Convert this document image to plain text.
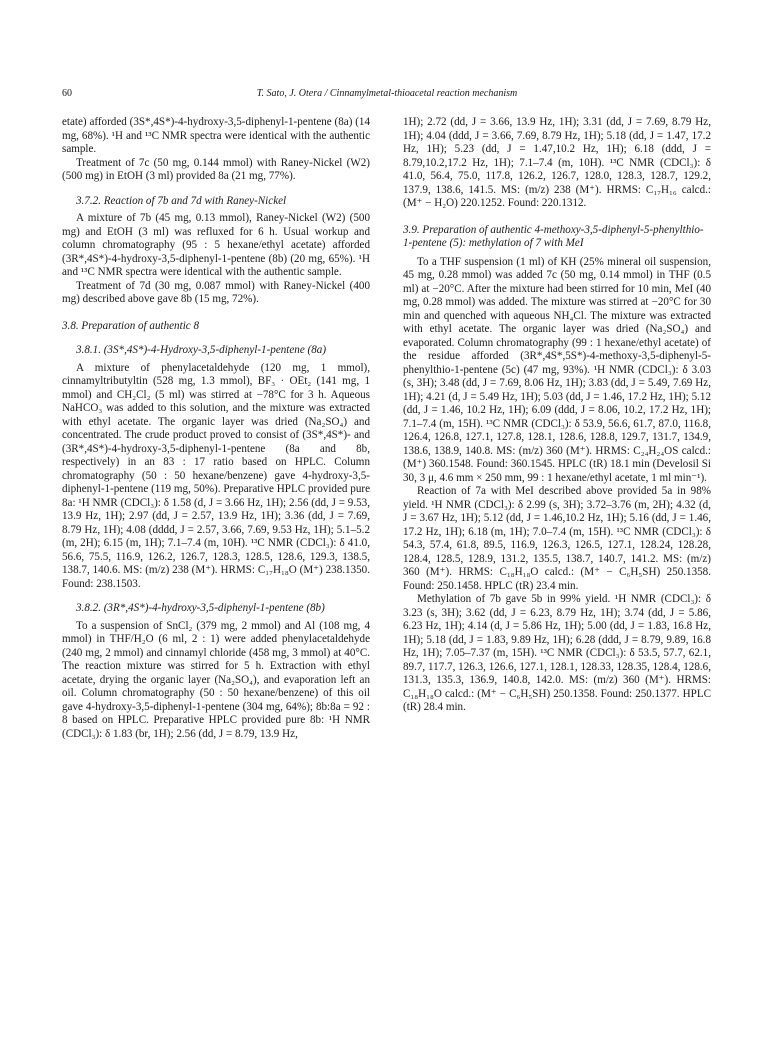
60	T. Sato, J. Otera / Cinnamylmetal-thioacetal reaction mechanism

etate) afforded (3S*,4S*)-4-hydroxy-3,5-diphenyl-1-pentene (8a) (14 mg, 68%). ¹H and ¹³C NMR spectra were identical with the authentic sample.

Treatment of 7c (50 mg, 0.144 mmol) with Raney-Nickel (W2) (500 mg) in EtOH (3 ml) provided 8a (21 mg, 77%).

3.7.2. Reaction of 7b and 7d with Raney-Nickel

A mixture of 7b (45 mg, 0.13 mmol), Raney-Nickel (W2) (500 mg) and EtOH (3 ml) was refluxed for 6 h. Usual workup and column chromatography (95 : 5 hexane/ethyl acetate) afforded (3R*,4S*)-4-hydroxy-3,5-diphenyl-1-pentene (8b) (20 mg, 65%). ¹H and ¹³C NMR spectra were identical with the authentic sample.

Treatment of 7d (30 mg, 0.087 mmol) with Raney-Nickel (400 mg) described above gave 8b (15 mg, 72%).

3.8. Preparation of authentic 8
3.8.1. (3S*,4S*)-4-Hydroxy-3,5-diphenyl-1-pentene (8a)

A mixture of phenylacetaldehyde (120 mg, 1 mmol), cinnamyltributyltin (528 mg, 1.3 mmol), BF₃ · OEt₂ (141 mg, 1 mmol) and CH₂Cl₂ (5 ml) was stirred at −78°C for 3 h. Aqueous NaHCO₃ was added to this solution, and the mixture was extracted with ethyl acetate. The organic layer was dried (Na₂SO₄) and concentrated. The crude product proved to consist of (3S*,4S*)- and (3R*,4S*)-4-hydroxy-3,5-diphenyl-1-pentene (8a and 8b, respectively) in an 83 : 17 ratio based on HPLC. Column chromatography (50 : 50 hexane/benzene) gave 4-hydroxy-3,5-diphenyl-1-pentene (119 mg, 50%). Preparative HPLC provided pure 8a: ¹H NMR (CDCl₃): δ 1.58 (d, J = 3.66 Hz, 1H); 2.56 (dd, J = 9.53, 13.9 Hz, 1H); 2.97 (dd, J = 2.57, 13.9 Hz, 1H); 3.36 (dd, J = 7.69, 8.79 Hz, 1H); 4.08 (dddd, J = 2.57, 3.66, 7.69, 9.53 Hz, 1H); 5.1–5.2 (m, 2H); 6.15 (m, 1H); 7.1–7.4 (m, 10H). ¹³C NMR (CDCl₃): δ 41.0, 56.6, 75.5, 116.9, 126.2, 126.7, 128.3, 128.5, 128.6, 129.3, 138.5, 138.7, 140.6. MS: (m/z) 238 (M⁺). HRMS: C₁₇H₁₈O (M⁺) 238.1350. Found: 238.1503.

3.8.2. (3R*,4S*)-4-hydroxy-3,5-diphenyl-1-pentene (8b)

To a suspension of SnCl₂ (379 mg, 2 mmol) and Al (108 mg, 4 mmol) in THF/H₂O (6 ml, 2 : 1) were added phenylacetaldehyde (240 mg, 2 mmol) and cinnamyl chloride (458 mg, 3 mmol) at 40°C. The reaction mixture was stirred for 5 h. Extraction with ethyl acetate, drying the organic layer (Na₂SO₄), and evaporation left an oil. Column chromatography (50 : 50 hexane/benzene) of this oil gave 4-hydroxy-3,5-diphenyl-1-pentene (304 mg, 64%); 8b:8a = 92 : 8 based on HPLC. Preparative HPLC provided pure 8b: ¹H NMR (CDCl₃): δ 1.83 (br, 1H); 2.56 (dd, J = 8.79, 13.9 Hz,

1H); 2.72 (dd, J = 3.66, 13.9 Hz, 1H); 3.31 (dd, J = 7.69, 8.79 Hz, 1H); 4.04 (ddd, J = 3.66, 7.69, 8.79 Hz, 1H); 5.18 (dd, J = 1.47, 17.2 Hz, 1H); 5.23 (dd, J = 1.47,10.2 Hz, 1H); 6.18 (ddd, J = 8.79,10.2,17.2 Hz, 1H); 7.1–7.4 (m, 10H). ¹³C NMR (CDCl₃): δ 41.0, 56.4, 75.0, 117.8, 126.2, 126.7, 128.0, 128.3, 128.7, 129.2, 137.9, 138.6, 141.5. MS: (m/z) 238 (M⁺). HRMS: C₁₇H₁₆ calcd.: (M⁺ − H₂O) 220.1252. Found: 220.1312.

3.9. Preparation of authentic 4-methoxy-3,5-diphenyl-5-phenylthio-1-pentene (5): methylation of 7 with MeI

To a THF suspension (1 ml) of KH (25% mineral oil suspension, 45 mg, 0.28 mmol) was added 7c (50 mg, 0.14 mmol) in THF (0.5 ml) at −20°C. After the mixture had been stirred for 10 min, MeI (40 mg, 0.28 mmol) was added. The mixture was stirred at −20°C for 30 min and quenched with aqueous NH₄Cl. The mixture was extracted with ethyl acetate. The organic layer was dried (Na₂SO₄) and evaporated. Column chromatography (99 : 1 hexane/ethyl acetate) of the residue afforded (3R*,4S*,5S*)-4-methoxy-3,5-diphenyl-5-phenylthio-1-pentene (5c) (47 mg, 93%). ¹H NMR (CDCl₃): δ 3.03 (s, 3H); 3.48 (dd, J = 7.69, 8.06 Hz, 1H); 3.83 (dd, J = 5.49, 7.69 Hz, 1H); 4.21 (d, J = 5.49 Hz, 1H); 5.03 (dd, J = 1.46, 17.2 Hz, 1H); 5.12 (dd, J = 1.46, 10.2 Hz, 1H); 6.09 (ddd, J = 8.06, 10.2, 17.2 Hz, 1H); 7.1–7.4 (m, 15H). ¹³C NMR (CDCl₃): δ 53.9, 56.6, 61.7, 87.0, 116.8, 126.4, 126.8, 127.1, 127.8, 128.1, 128.6, 128.8, 129.7, 131.7, 134.9, 138.6, 138.9, 140.8. MS: (m/z) 360 (M⁺). HRMS: C₂₄H₂₄OS calcd.: (M⁺) 360.1548. Found: 360.1545. HPLC (tR) 18.1 min (Develosil Si 30, 3 μ, 4.6 mm × 250 mm, 99 : 1 hexane/ethyl acetate, 1 ml min⁻¹).

Reaction of 7a with MeI described above provided 5a in 98% yield. ¹H NMR (CDCl₃): δ 2.99 (s, 3H); 3.72–3.76 (m, 2H); 4.32 (d, J = 3.67 Hz, 1H); 5.12 (dd, J = 1.46,10.2 Hz, 1H); 5.16 (dd, J = 1.46, 17.2 Hz, 1H); 6.18 (m, 1H); 7.0–7.4 (m, 15H). ¹³C NMR (CDCl₃): δ 54.3, 57.4, 61.8, 89.5, 116.9, 126.3, 126.5, 127.1, 128.24, 128.28, 128.4, 128.5, 128.9, 131.2, 135.5, 138.7, 140.7, 141.2. MS: (m/z) 360 (M⁺). HRMS: C₁₈H₁₈O calcd.: (M⁺ − C₆H₅SH) 250.1358. Found: 250.1458. HPLC (tR) 23.4 min.

Methylation of 7b gave 5b in 99% yield. ¹H NMR (CDCl₃): δ 3.23 (s, 3H); 3.62 (dd, J = 6.23, 8.79 Hz, 1H); 3.74 (dd, J = 5.86, 6.23 Hz, 1H); 4.14 (d, J = 5.86 Hz, 1H); 5.00 (dd, J = 1.83, 16.8 Hz, 1H); 5.18 (dd, J = 1.83, 9.89 Hz, 1H); 6.28 (ddd, J = 8.79, 9.89, 16.8 Hz, 1H); 7.05–7.37 (m, 15H). ¹³C NMR (CDCl₃): δ 53.5, 57.7, 62.1, 89.7, 117.7, 126.3, 126.6, 127.1, 128.1, 128.33, 128.35, 128.4, 128.6, 131.3, 135.3, 136.9, 140.8, 142.0. MS: (m/z) 360 (M⁺). HRMS: C₁₈H₁₈O calcd.: (M⁺ − C₆H₅SH) 250.1358. Found: 250.1377. HPLC (tR) 28.4 min.
